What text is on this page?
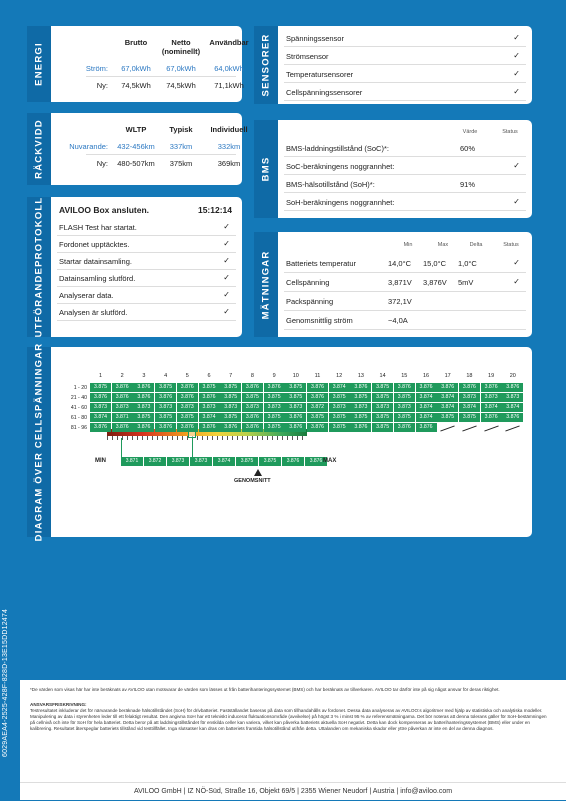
6029AEA4-2525-428F-828D-13E15DD12474
ENERGI	Brutto	Netto
(nominellt)
Användbar
Ström:	67,0kWh	67,0kWh	64,0kWh
Ny:	74,5kWh	74,5kWh	71,1kWh
RÄCKVIDD	WLTP	Typisk	Individuell
Nuvarande:	432-456km	337km	332km
Ny:	480-507km	375km	369km
UTFÖRANDEPROTOKOLL AVILOO Box ansluten.	15:12:14
FLASH Test har startat.	✓
Fordonet upptäcktes.	✓
Startar datainsamling.	✓
Datainsamling slutförd.	✓
Analyserar data.	✓
Analysen är slutförd.	✓
SENSORER Spänningssensor	✓
Strömsensor	✓
Temperatursensorer	✓
Cellspänningssensorer	✓
BMS
Värde	Status
BMS-laddningstillstånd (SoC)*:	60%
SoC-beräkningens noggrannhet:	✓
BMS-hälsotillstånd (SoH)*:	91%
SoH-beräkningens noggrannhet:	✓
MÄTNINGAR
Min	Max	Delta	Status
Batteriets temperatur	14,0°C 15,0°C 1,0°C	✓
Cellspänning	3,871V 3,876V 5mV	✓
Packspänning	372,1V
Genomsnittlig ström	−4,0A
DIAGRAM ÖVER CELLSPÄNNINGAR	MIN	3.871	3.872	3.873	3.873	3.874	3.875	3.875	3.876	3.876 MAX
GENOMSNITT
1	2	3	4	5	6	7	8	9	10	11	12	13	14	15	16	17	18	19	20
1 - 20	3.875	3.876	3.876	3.875	3.876	3.875	3.875	3.876	3.876	3.875	3.876	3.874	3.876	3.875	3.876	3.876	3.876	3.876	3.876	3.876
21 - 40	3.876	3.876	3.876	3.876	3.876	3.876	3.875	3.875	3.875	3.875	3.876	3.875	3.875	3.875	3.875	3.874	3.874	3.873	3.873	3.873
41 - 60	3.873	3.873	3.873	3.873	3.873	3.873	3.873	3.873	3.873	3.873	3.872	3.873	3.873	3.873	3.873	3.874	3.874	3.874	3.874	3.874
61 - 80	3.874	3.871	3.875	3.875	3.875	3.874	3.875	3.876	3.875	3.876	3.875	3.875	3.875	3.875	3.875	3.874	3.875	3.875	3.876	3.876
81 - 96	3.876	3.876	3.876	3.876	3.876	3.876	3.876	3.876	3.875	3.876	3.876	3.875	3.876	3.875	3.876	3.876
*De värden som visas här har inte beräknats av AVILOO utan motsvarar de värden som lässes ut från batterihanteringssystemet (BMS) och har beräknats av tillverkaren. AVILOO tar därför inte på sig något ansvar för deras riktighet.
ANSVARSFRISKRIVNING:
Testresultatet inkluderar det för närvarande beräknade hälsotillståndet (SoH) för drivbatteriet. Fastställandet baseras på data som tillhandahålls av fordonet. Dessa data analyseras av AVILOO:s algoritmer med hjälp av statistiska och analytiska modeller. Manipulering av data i styrenheten leder till ett felaktigt resultat. Den angivna SoH har ett tekniskt inducerat fluktuationsområde (avvikelse) på högst 3 % i minst 95 % av referensmätningarna. Det bör noteras att denna tolerans gäller för SoH-bestämningen på cellnivå och inte för SoH för hela batteriet. Detta beror på att laddningstillståndet för enskilda celler kan variera, vilket kan påverka batteriets aktuella SoH negativt. Detta kan dock kompenseras av batterihanteringssystemet (BMS) eller under en kalibrering. Resultatet återspeglar batteriets tillstånd vid testtillfället. Inga slutsatser kan dras om batteriets framtida hälsotillstånd utifrån detta. Uttalanden om mekaniska skador eller yttre påverkan är inte en del av denna diagnos.
AVILOO GmbH | IZ NÖ-Süd, Straße 16, Objekt 69/5 | 2355 Wiener Neudorf | Austria | info@aviloo.com
